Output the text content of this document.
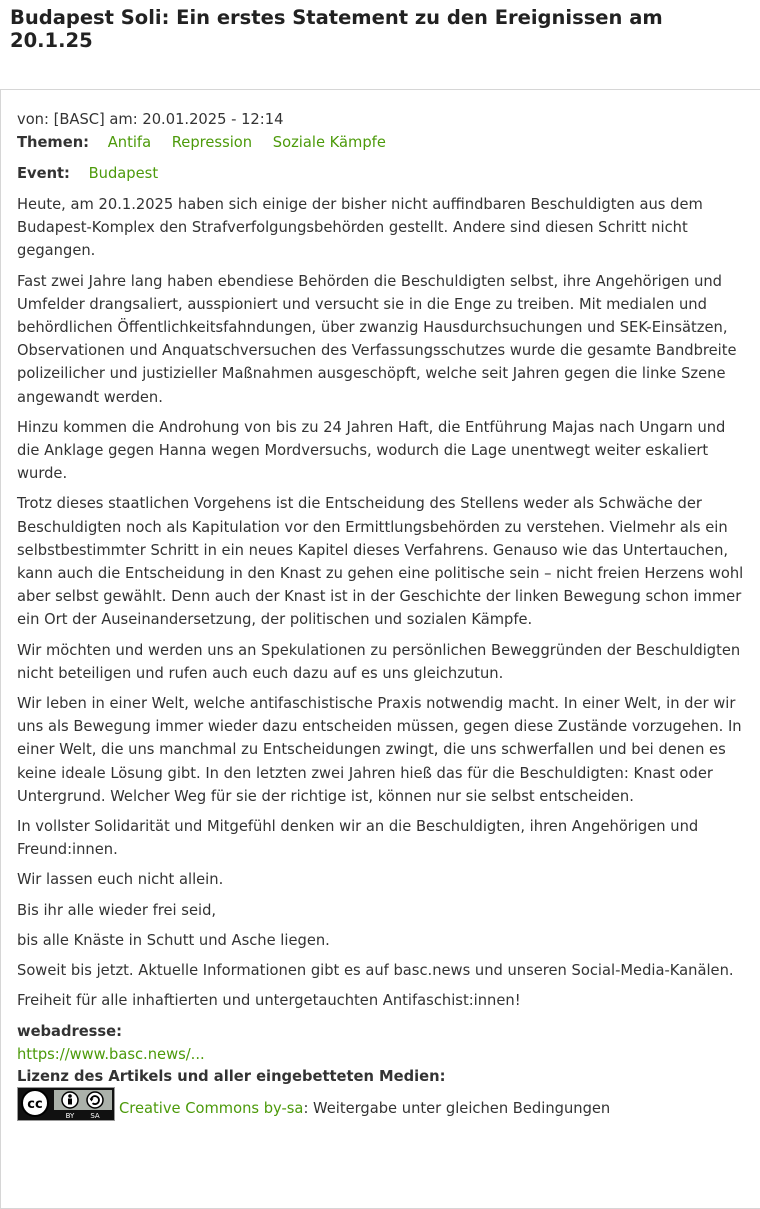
Budapest Soli: Ein erstes Statement zu den Ereignissen am 20.1.25
von: [BASC] am: 20.01.2025 - 12:14
Themen: Antifa Repression Soziale Kämpfe
Event: Budapest

Heute, am 20.1.2025 haben sich einige der bisher nicht auffindbaren Beschuldigten aus dem Budapest-Komplex den Strafverfolgungsbehörden gestellt. Andere sind diesen Schritt nicht gegangen.

Fast zwei Jahre lang haben ebendiese Behörden die Beschuldigten selbst, ihre Angehörigen und Umfelder drangsaliert, ausspioniert und versucht sie in die Enge zu treiben. Mit medialen und behördlichen Öffentlichkeitsfahndungen, über zwanzig Hausdurchsuchungen und SEK-Einsätzen, Observationen und Anquatschversuchen des Verfassungsschutzes wurde die gesamte Bandbreite polizeilicher und justizieller Maßnahmen ausgeschöpft, welche seit Jahren gegen die linke Szene angewandt werden.

Hinzu kommen die Androhung von bis zu 24 Jahren Haft, die Entführung Majas nach Ungarn und die Anklage gegen Hanna wegen Mordversuchs, wodurch die Lage unentwegt weiter eskaliert wurde.

Trotz dieses staatlichen Vorgehens ist die Entscheidung des Stellens weder als Schwäche der Beschuldigten noch als Kapitulation vor den Ermittlungsbehörden zu verstehen. Vielmehr als ein selbstbestimmter Schritt in ein neues Kapitel dieses Verfahrens. Genauso wie das Untertauchen, kann auch die Entscheidung in den Knast zu gehen eine politische sein – nicht freien Herzens wohl aber selbst gewählt. Denn auch der Knast ist in der Geschichte der linken Bewegung schon immer ein Ort der Auseinandersetzung, der politischen und sozialen Kämpfe.

Wir möchten und werden uns an Spekulationen zu persönlichen Beweggründen der Beschuldigten nicht beteiligen und rufen auch euch dazu auf es uns gleichzutun.

Wir leben in einer Welt, welche antifaschistische Praxis notwendig macht. In einer Welt, in der wir uns als Bewegung immer wieder dazu entscheiden müssen, gegen diese Zustände vorzugehen. In einer Welt, die uns manchmal zu Entscheidungen zwingt, die uns schwerfallen und bei denen es keine ideale Lösung gibt. In den letzten zwei Jahren hieß das für die Beschuldigten: Knast oder Untergrund. Welcher Weg für sie der richtige ist, können nur sie selbst entscheiden.

In vollster Solidarität und Mitgefühl denken wir an die Beschuldigten, ihren Angehörigen und Freund:innen.

Wir lassen euch nicht allein.

Bis ihr alle wieder frei seid,

bis alle Knäste in Schutt und Asche liegen.

Soweit bis jetzt. Aktuelle Informationen gibt es auf basc.news und unseren Social-Media-Kanälen.

Freiheit für alle inhaftierten und untergetauchten Antifaschist:innen!

webadresse:
https://www.basc.news/...
Lizenz des Artikels und aller eingebetteten Medien:
cc
BY SA Creative Commons by-sa: Weitergabe unter gleichen Bedingungen
